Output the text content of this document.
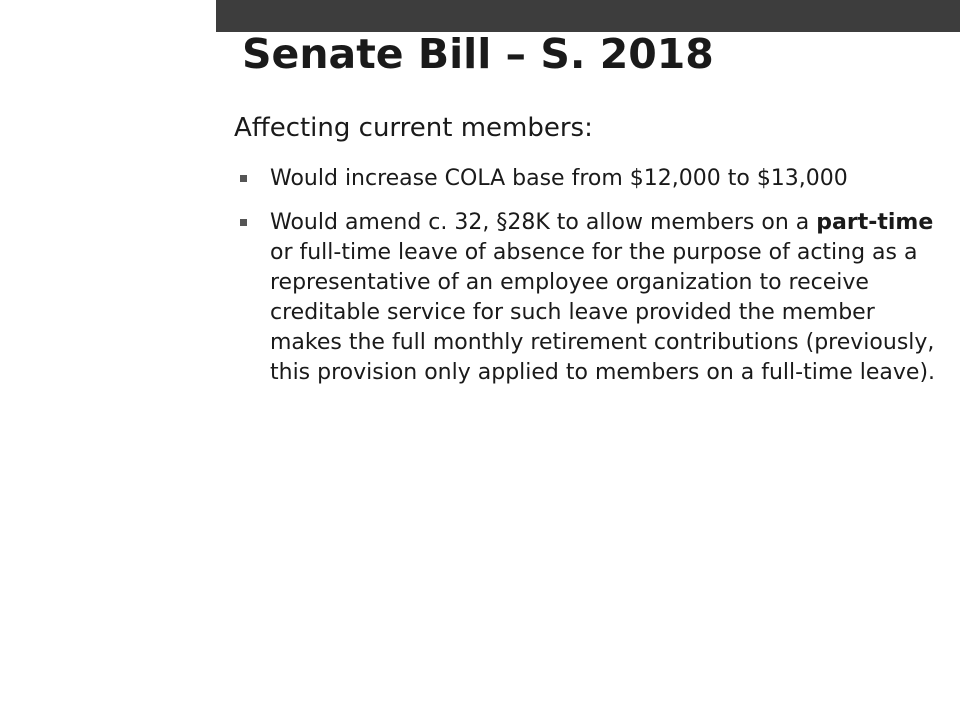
Senate Bill – S. 2018
Affecting current members:
Would increase COLA base from $12,000 to $13,000
Would amend c. 32, §28K to allow members on a part-time or full-time leave of absence for the purpose of acting as a representative of an employee organization to receive creditable service for such leave provided the member makes the full monthly retirement contributions (previously, this provision only applied to members on a full-time leave).
